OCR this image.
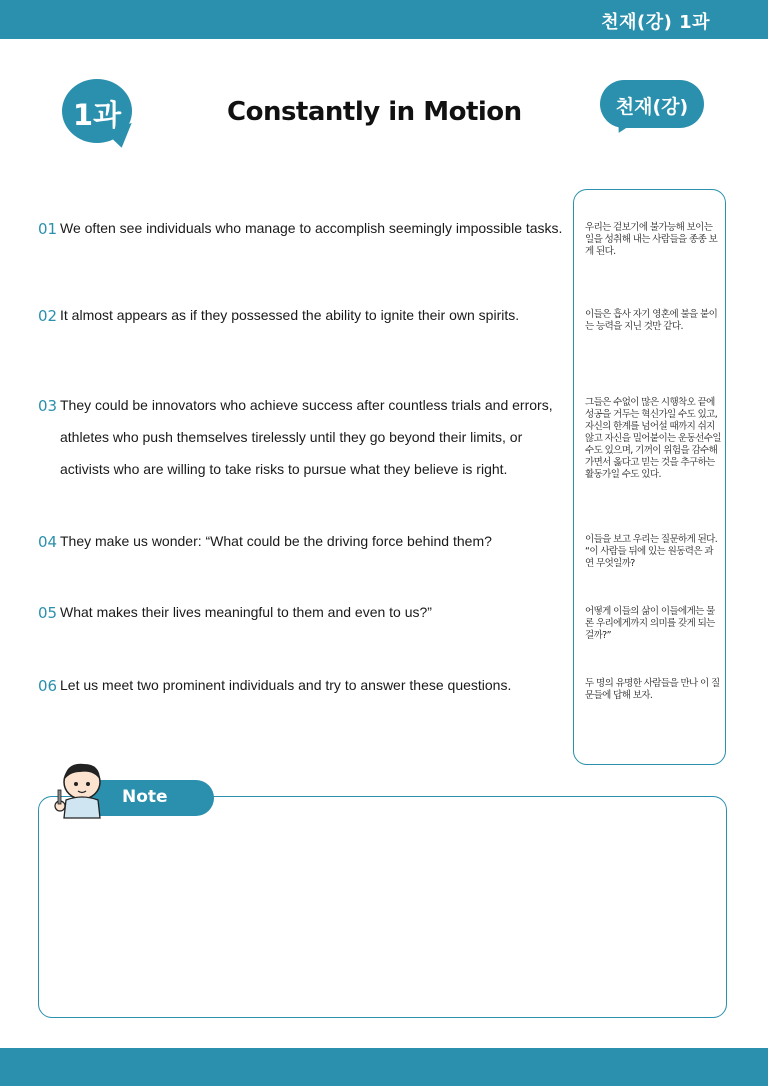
천재(강) 1과
1과	Constantly in Motion	천재(강)
01 We often see individuals who manage to accomplish seemingly impossible tasks. 우리는 겉보기에 불가능해 보이는 일을 성취해 내는 사람들을 종종 보게 된다.
02 It almost appears as if they possessed the ability to ignite their own spirits.	이들은 흡사 자기 영혼에 불을 붙이는 능력을 지닌 것만 같다.
03 They could be innovators who achieve success after countless trials and errors,
athletes who push themselves tirelessly until they go beyond their limits, or
activists who are willing to take risks to pursue what they believe is right.
그들은 수없이 많은 시행착오 끝에 성공을 거두는 혁신가일 수도 있고, 자신의 한계를 넘어설 때까지 쉬지 않고 자신을 밀어붙이는 운동선수일 수도 있으며, 기꺼이 위험을 감수해 가면서 옳다고 믿는 것을 추구하는 활동가일 수도 있다.
04 They make us wonder: “What could be the driving force behind them?	이들을 보고 우리는 질문하게 된다. “이 사람들 뒤에 있는 원동력은 과연 무엇일까?
05 What makes their lives meaningful to them and even to us?”	어떻게 이들의 삶이 이들에게는 물론 우리에게까지 의미를 갖게 되는 걸까?”
06 Let us meet two prominent individuals and try to answer these questions.	두 명의 유명한 사람들을 만나 이 질문들에 답해 보자.
Note
